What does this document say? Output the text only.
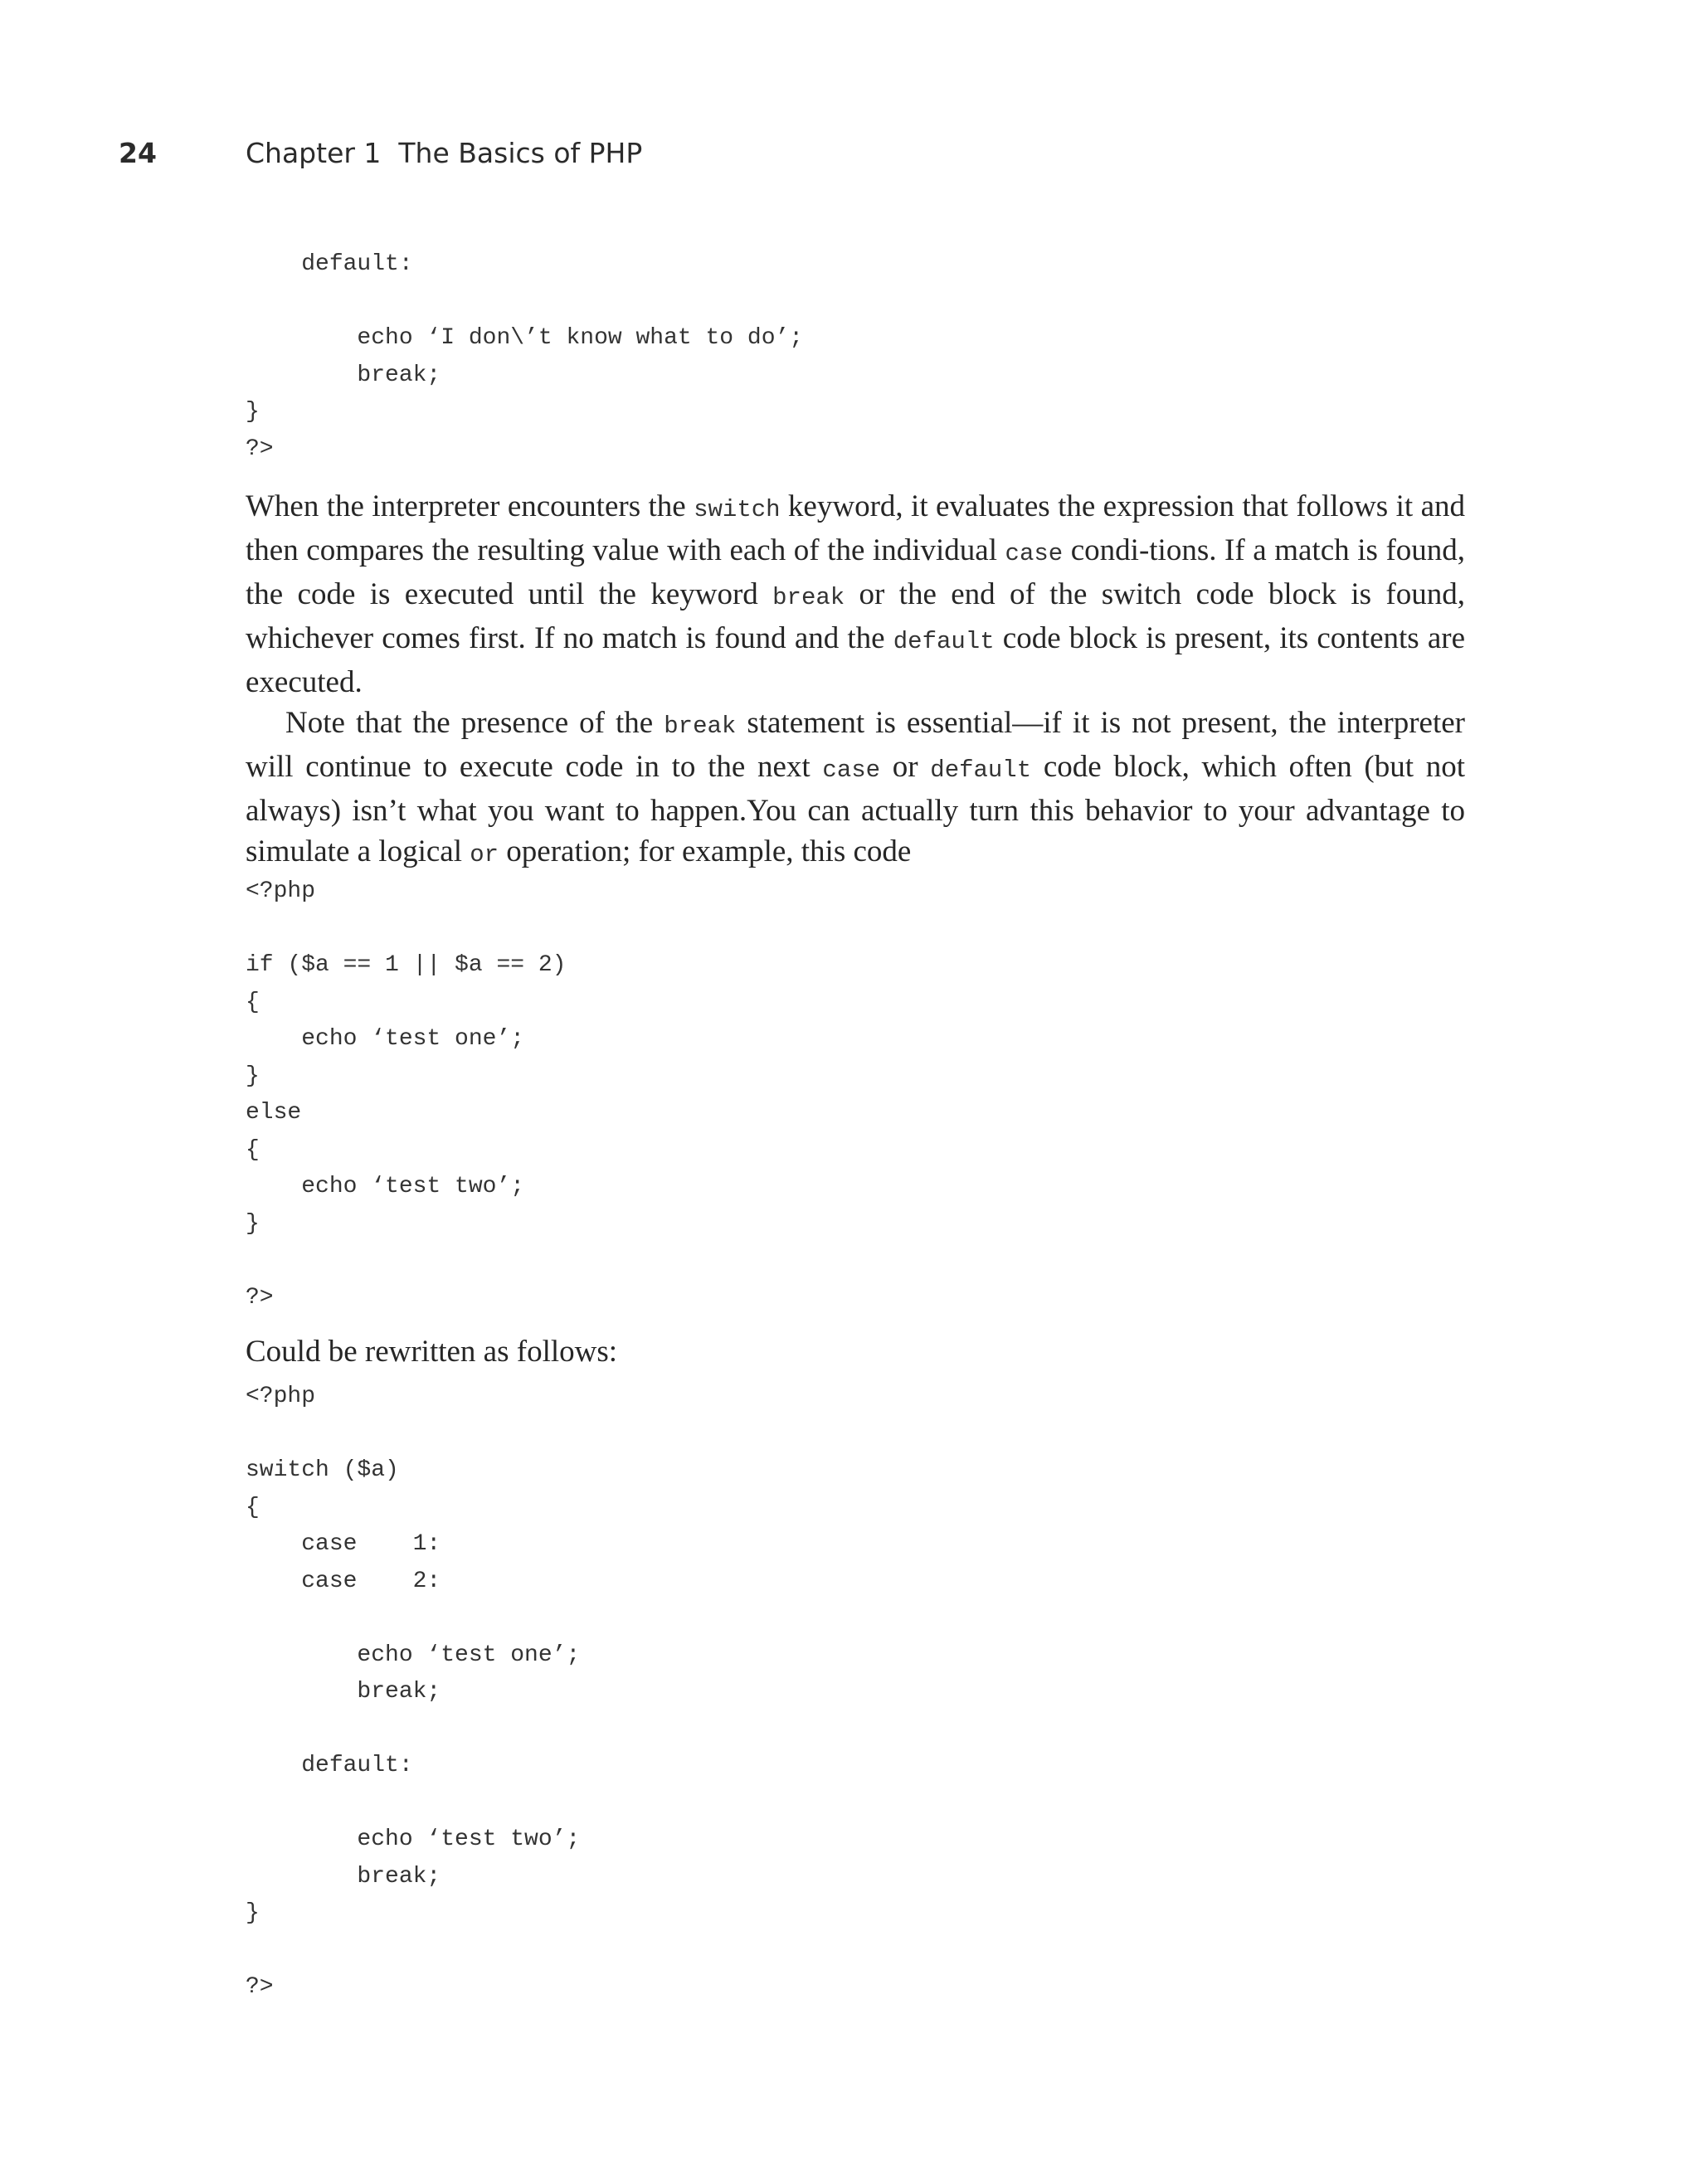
24	Chapter 1  The Basics of PHP
default:

echo ‘I don\’t know what to do’;
break;
}
?>

When the interpreter encounters the switch keyword, it evaluates the expression that follows it and then compares the resulting value with each of the individual case condi-tions. If a match is found, the code is executed until the keyword break or the end of the switch code block is found, whichever comes first. If no match is found and the default code block is present, its contents are executed.

Note that the presence of the break statement is essential—if it is not present, the interpreter will continue to execute code in to the next case or default code block, which often (but not always) isn’t what you want to happen.You can actually turn this behavior to your advantage to simulate a logical or operation; for example, this code

<?php

if ($a == 1 || $a == 2)
{
echo ‘test one’;
}
else
{
echo ‘test two’;
}

?>

Could be rewritten as follows:

<?php

switch ($a)
{
case    1:
case    2:

echo ‘test one’;
break;

default:

echo ‘test two’;
break;
}

?>
